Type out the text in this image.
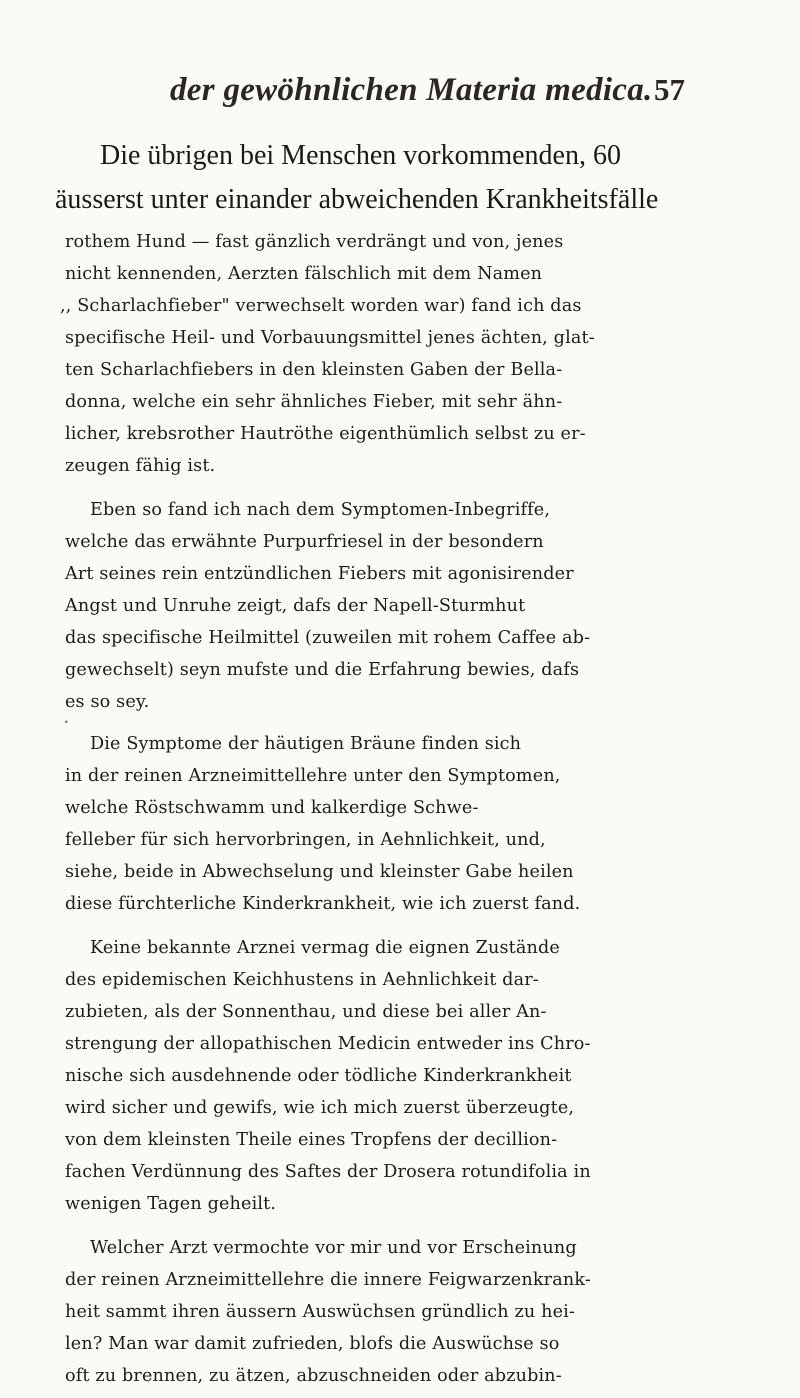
der gewöhnlichen Materia medica. 57
Die übrigen bei Menschen vorkommenden, 60
äusserst unter einander abweichenden Krankheitsfälle
rothem Hund — fast gänzlich verdrängt und von, jenes
nicht kennenden, Aerzten fälschlich mit dem Namen
,, Scharlachfieber" verwechselt worden war) fand ich das
specifische Heil- und Vorbauungsmittel jenes ächten, glat-
ten Scharlachfiebers in den kleinsten Gaben der Bella-
donna, welche ein sehr ähnliches Fieber, mit sehr ähn-
licher, krebsrother Hautröthe eigenthümlich selbst zu er-
zeugen fähig ist.
Eben so fand ich nach dem Symptomen-Inbegriffe,
welche das erwähnte Purpurfriesel in der besondern
Art seines rein entzündlichen Fiebers mit agonisirender
Angst und Unruhe zeigt, dafs der Napell-Sturmhut
das specifische Heilmittel (zuweilen mit rohem Caffee ab-
gewechselt) seyn mufste und die Erfahrung bewies, dafs
es so sey.
•
Die Symptome der häutigen Bräune finden sich
in der reinen Arzneimittellehre unter den Symptomen,
welche Röstschwamm und kalkerdige Schwe-
felleber für sich hervorbringen, in Aehnlichkeit, und,
siehe, beide in Abwechselung und kleinster Gabe heilen
diese fürchterliche Kinderkrankheit, wie ich zuerst fand.
Keine bekannte Arznei vermag die eignen Zustände
des epidemischen Keichhustens in Aehnlichkeit dar-
zubieten, als der Sonnenthau, und diese bei aller An-
strengung der allopathischen Medicin entweder ins Chro-
nische sich ausdehnende oder tödliche Kinderkrankheit
wird sicher und gewifs, wie ich mich zuerst überzeugte,
von dem kleinsten Theile eines Tropfens der decillion-
fachen Verdünnung des Saftes der Drosera rotundifolia in
wenigen Tagen geheilt.
Welcher Arzt vermochte vor mir und vor Erscheinung
der reinen Arzneimittellehre die innere Feigwarzenkrank-
heit sammt ihren äussern Auswüchsen gründlich zu hei-
len? Man war damit zufrieden, blofs die Auswüchse so
oft zu brennen, zu ätzen, abzuschneiden oder abzubin-
